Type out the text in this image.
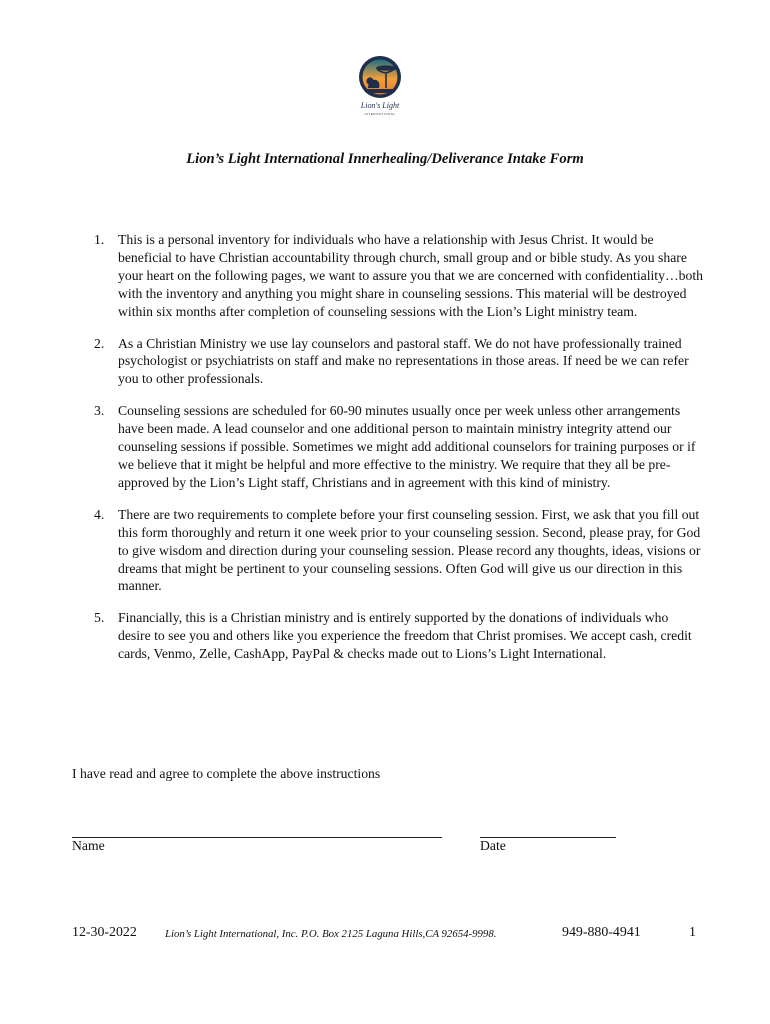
Lion's Light
INTERNATIONAL
Lion’s Light International Innerhealing/Deliverance Intake Form
1. This is a personal inventory for individuals who have a relationship with Jesus Christ. It would be beneficial to have Christian accountability through church, small group and or bible study. As you share your heart on the following pages, we want to assure you that we are concerned with confidentiality…both with the inventory and anything you might share in counseling sessions. This material will be destroyed within six months after completion of counseling sessions with the Lion’s Light ministry team.
2. As a Christian Ministry we use lay counselors and pastoral staff. We do not have professionally trained psychologist or psychiatrists on staff and make no representations in those areas. If need be we can refer you to other professionals.
3. Counseling sessions are scheduled for 60-90 minutes usually once per week unless other arrangements have been made. A lead counselor and one additional person to maintain ministry integrity attend our counseling sessions if possible. Sometimes we might add additional counselors for training purposes or if we believe that it might be helpful and more effective to the ministry. We require that they all be pre-approved by the Lion’s Light staff, Christians and in agreement with this kind of ministry.
4. There are two requirements to complete before your first counseling session. First, we ask that you fill out this form thoroughly and return it one week prior to your counseling session. Second, please pray, for God to give wisdom and direction during your counseling session. Please record any thoughts, ideas, visions or dreams that might be pertinent to your counseling sessions. Often God will give us our direction in this manner.
5. Financially, this is a Christian ministry and is entirely supported by the donations of individuals who desire to see you and others like you experience the freedom that Christ promises. We accept cash, credit cards, Venmo, Zelle, CashApp, PayPal & checks made out to Lions’s Light International.
I have read and agree to complete the above instructions
Name	Date
12-30-2022	Lion’s Light International, Inc. P.O. Box 2125 Laguna Hills,CA 92654-9998.	949-880-4941	1
